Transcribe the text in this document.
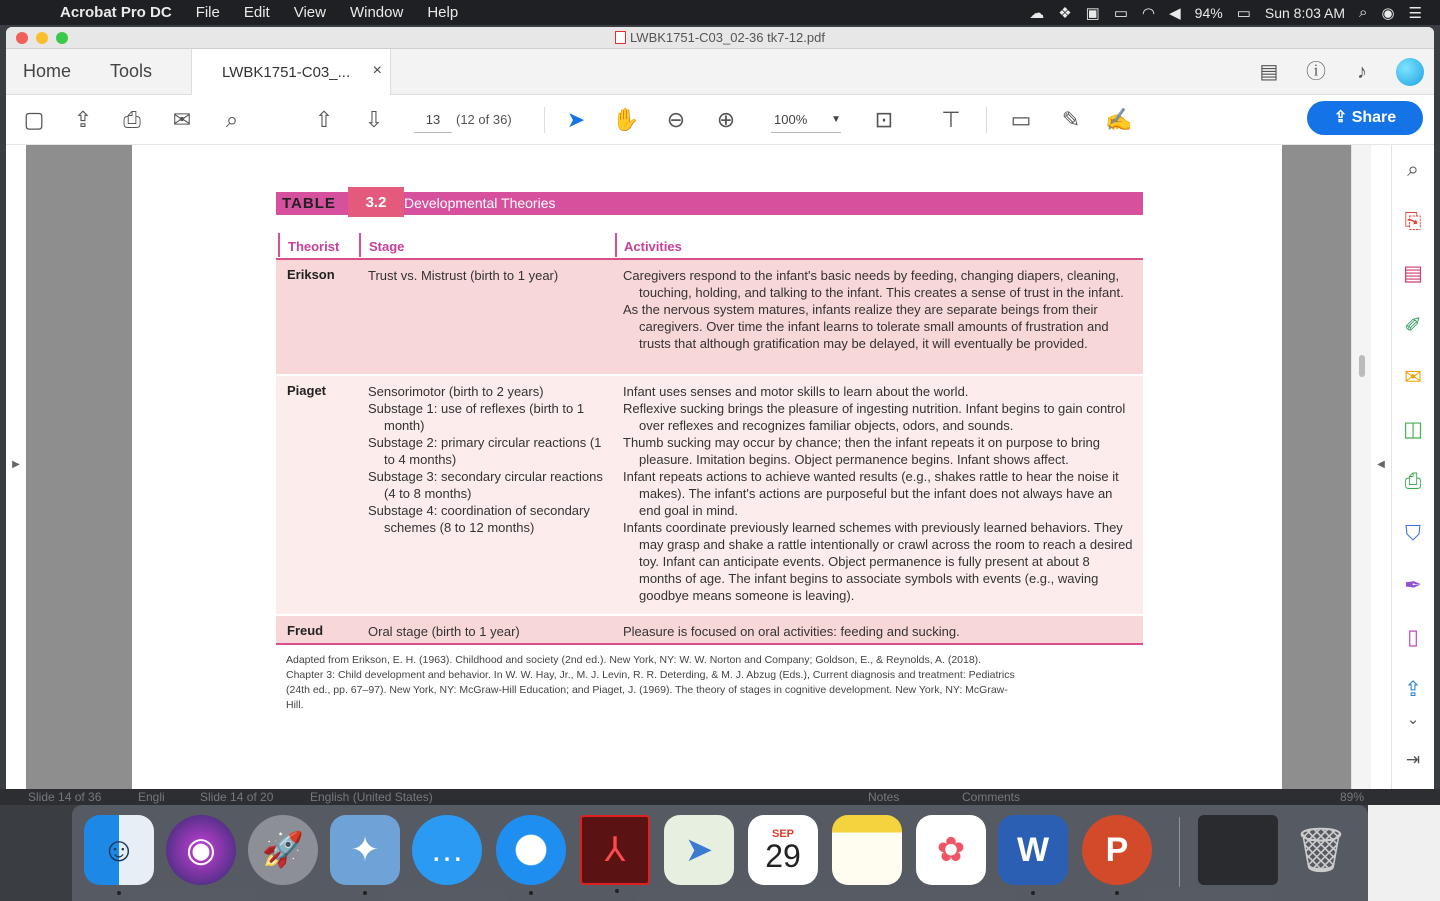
Acrobat Pro DC	File	Edit	View	Window	Help	☁ ❖ ▣ ▭ ◠ ◀ 94% ▭ Sun 8:03 AM ⌕ ◉ ☰
LWBK1751-C03_02-36 tk7-12.pdf
Home Tools	LWBK1751-C03_... ×	▤ ⓘ	♪
▢ ⇪ ⎙ ✉	⌕	⇧ ⇩	13	(12 of 36)	➤ ✋ ⊖ ⊕	100% ▼ ⊡ ⊤ ▭ ✎ ✍	⇪ Share
▶
TABLE	3.2	Developmental Theories
Theorist Stage	Activities
Erikson	Trust vs. Mistrust (birth to 1 year)	Caregivers respond to the infant's basic needs by feeding, changing diapers, cleaning, touching, holding, and talking to the infant. This creates a sense of trust in the infant.
As the nervous system matures, infants realize they are separate beings from their caregivers. Over time the infant learns to tolerate small amounts of frustration and trusts that although gratification may be delayed, it will eventually be provided.
Piaget	Sensorimotor (birth to 2 years)
Substage 1: use of reflexes (birth to 1 month)
Substage 2: primary circular reactions (1 to 4 months)
Substage 3: secondary circular reactions (4 to 8 months)
Substage 4: coordination of secondary schemes (8 to 12 months)
Infant uses senses and motor skills to learn about the world.
Reflexive sucking brings the pleasure of ingesting nutrition. Infant begins to gain control over reflexes and recognizes familiar objects, odors, and sounds.
Thumb sucking may occur by chance; then the infant repeats it on purpose to bring pleasure. Imitation begins. Object permanence begins. Infant shows affect.
Infant repeats actions to achieve wanted results (e.g., shakes rattle to hear the noise it makes). The infant's actions are purposeful but the infant does not always have an end goal in mind.
Infants coordinate previously learned schemes with previously learned behaviors. They may grasp and shake a rattle intentionally or crawl across the room to reach a desired toy. Infant can anticipate events. Object permanence is fully present at about 8 months of age. The infant begins to associate symbols with events (e.g., waving goodbye means someone is leaving).
Freud	Oral stage (birth to 1 year)	Pleasure is focused on oral activities: feeding and sucking.
Adapted from Erikson, E. H. (1963). Childhood and society (2nd ed.). New York, NY: W. W. Norton and Company; Goldson, E., & Reynolds, A. (2018). Chapter 3: Child development and behavior. In W. W. Hay, Jr., M. J. Levin, R. R. Deterding, & M. J. Abzug (Eds.), Current diagnosis and treatment: Pediatrics (24th ed., pp. 67–97). New York, NY: McGraw-Hill Education; and Piaget, J. (1969). The theory of stages in cognitive development. New York, NY: McGraw-Hill.
◀
⌕
⎘
▤
✐
✉
◫
⎙
⛉
✒
▯
⇪
⌄
⇥
Slide 14 of 36	Engli	Slide 14 of 20	English (United States)	Notes	Comments	89%
☺	◉	🚀	✦	…	➚	⅄	➤	SEP
29	✿	W	P	🗑
